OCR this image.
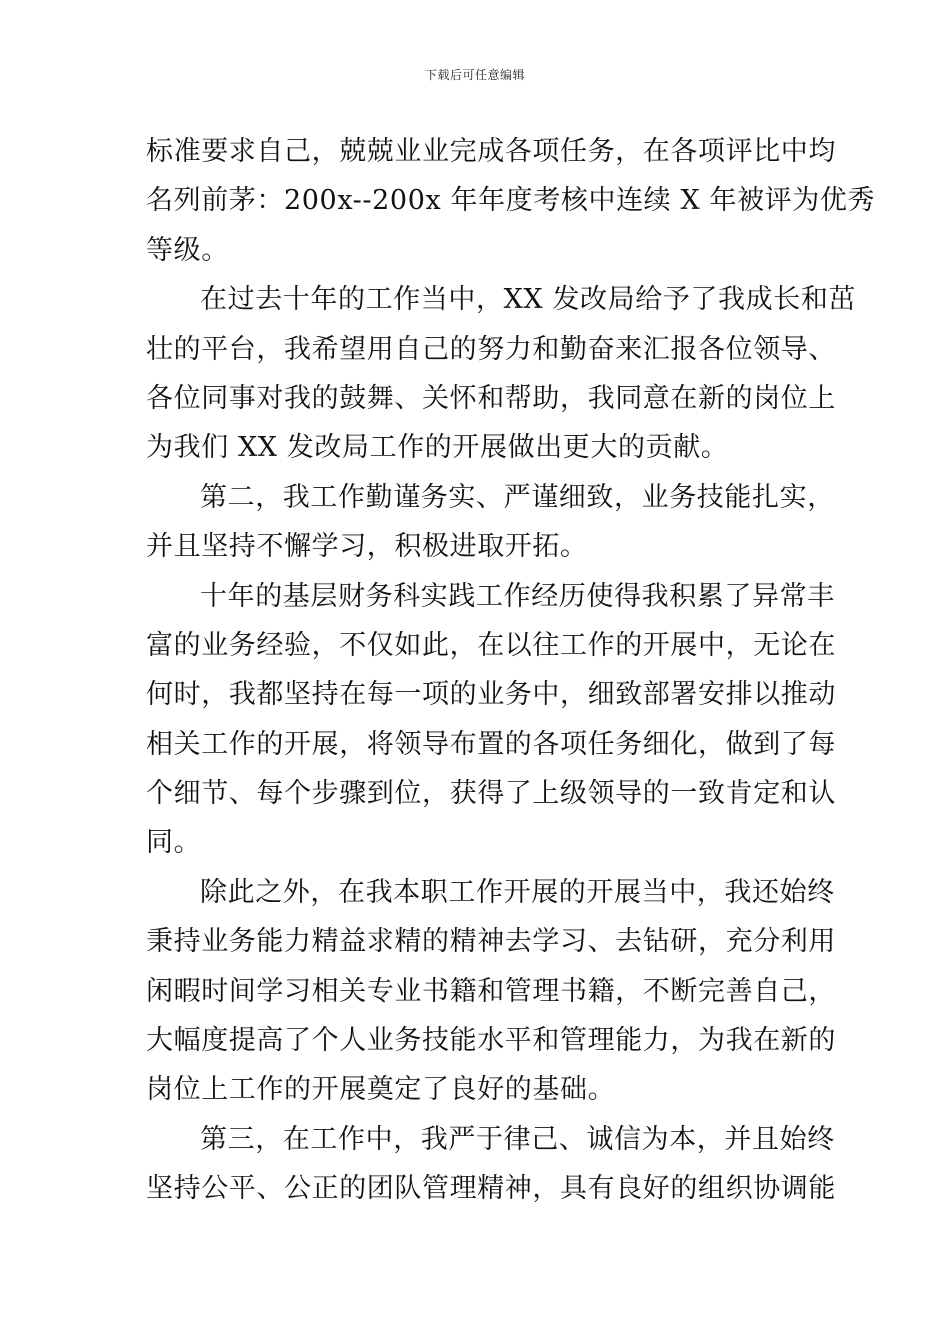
下载后可任意编辑
标准要求自己，兢兢业业完成各项任务，在各项评比中均
名列前茅：200x--200x 年年度考核中连续 X 年被评为优秀
等级。
在过去十年的工作当中，XX 发改局给予了我成长和茁
壮的平台，我希望用自己的努力和勤奋来汇报各位领导、
各位同事对我的鼓舞、关怀和帮助，我同意在新的岗位上
为我们 XX 发改局工作的开展做出更大的贡献。
第二，我工作勤谨务实、严谨细致，业务技能扎实，
并且坚持不懈学习，积极进取开拓。
十年的基层财务科实践工作经历使得我积累了异常丰
富的业务经验，不仅如此，在以往工作的开展中，无论在
何时，我都坚持在每一项的业务中，细致部署安排以推动
相关工作的开展，将领导布置的各项任务细化，做到了每
个细节、每个步骤到位，获得了上级领导的一致肯定和认
同。
除此之外，在我本职工作开展的开展当中，我还始终
秉持业务能力精益求精的精神去学习、去钻研，充分利用
闲暇时间学习相关专业书籍和管理书籍，不断完善自己，
大幅度提高了个人业务技能水平和管理能力，为我在新的
岗位上工作的开展奠定了良好的基础。
第三，在工作中，我严于律己、诚信为本，并且始终
坚持公平、公正的团队管理精神，具有良好的组织协调能
